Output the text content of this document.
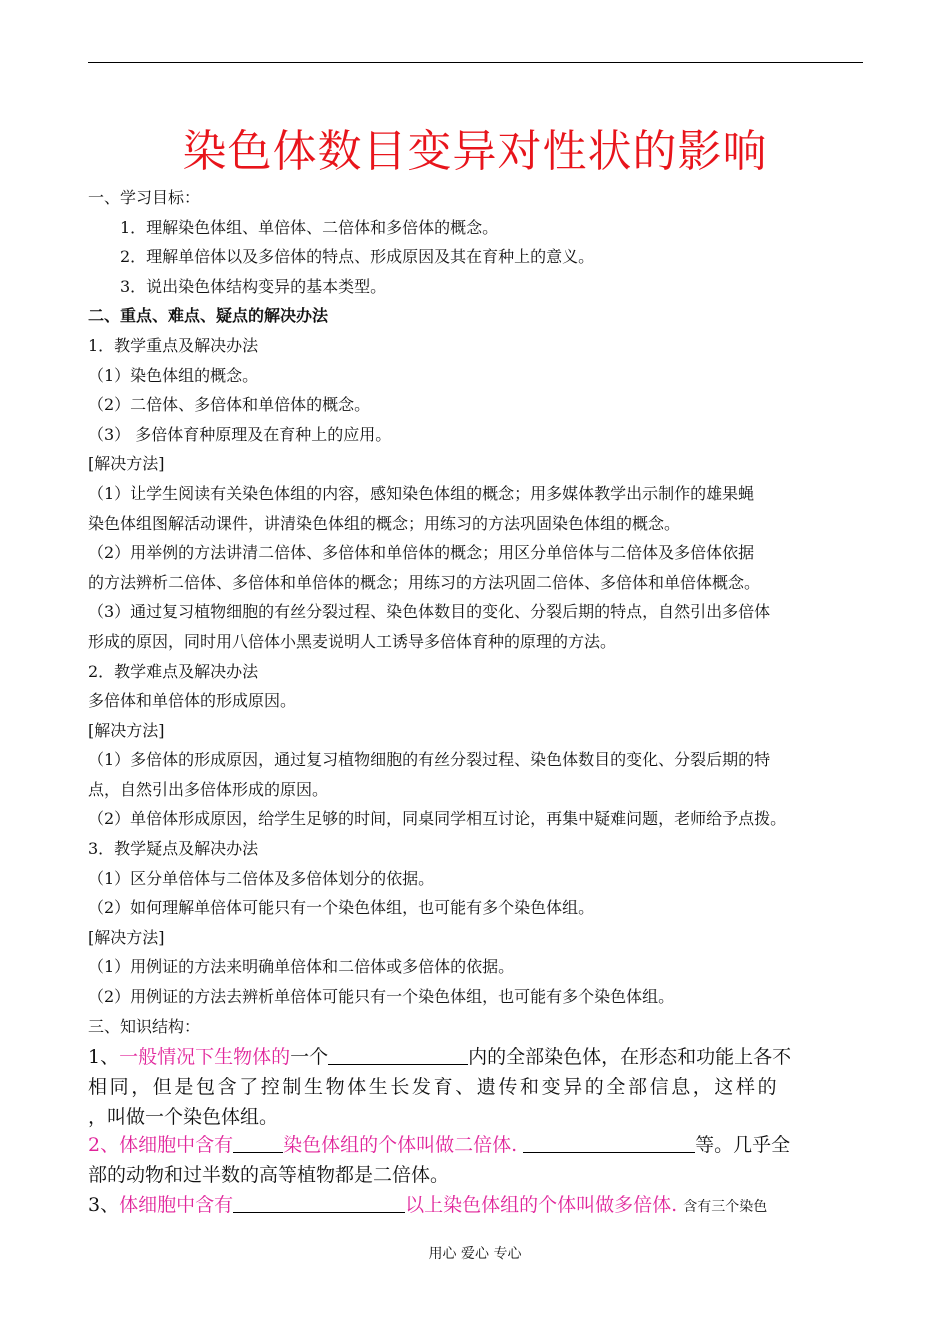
染色体数目变异对性状的影响
一、学习目标：
1．理解染色体组、单倍体、二倍体和多倍体的概念。
2．理解单倍体以及多倍体的特点、形成原因及其在育种上的意义。
3．说出染色体结构变异的基本类型。
二、重点、难点、疑点的解决办法
1．教学重点及解决办法
（1）染色体组的概念。
（2）二倍体、多倍体和单倍体的概念。
（3） 多倍体育种原理及在育种上的应用。
[解决方法]
（1）让学生阅读有关染色体组的内容，感知染色体组的概念；用多媒体教学出示制作的雄果蝇
染色体组图解活动课件，讲清染色体组的概念；用练习的方法巩固染色体组的概念。
（2）用举例的方法讲清二倍体、多倍体和单倍体的概念；用区分单倍体与二倍体及多倍体依据
的方法辨析二倍体、多倍体和单倍体的概念；用练习的方法巩固二倍体、多倍体和单倍体概念。
（3）通过复习植物细胞的有丝分裂过程、染色体数目的变化、分裂后期的特点，自然引出多倍体
形成的原因，同时用八倍体小黑麦说明人工诱导多倍体育种的原理的方法。
2．教学难点及解决办法
多倍体和单倍体的形成原因。
[解决方法]
（1）多倍体的形成原因，通过复习植物细胞的有丝分裂过程、染色体数目的变化、分裂后期的特
点，自然引出多倍体形成的原因。
（2）单倍体形成原因，给学生足够的时间，同桌同学相互讨论，再集中疑难问题，老师给予点拨。
3．教学疑点及解决办法
（1）区分单倍体与二倍体及多倍体划分的依据。
（2）如何理解单倍体可能只有一个染色体组，也可能有多个染色体组。
[解决方法]
（1）用例证的方法来明确单倍体和二倍体或多倍体的依据。
（2）用例证的方法去辨析单倍体可能只有一个染色体组，也可能有多个染色体组。
三、知识结构：
1、一般情况下生物体的一个	内的全部染色体，在形态和功能上各不
相同，但是包含了控制生物体生长发育、遗传和变异的全部信息，这样的
，叫做一个染色体组。
2、体细胞中含有	染色体组的个体叫做二倍体.	等。几乎全
部的动物和过半数的高等植物都是二倍体。
3、体细胞中含有	以上染色体组的个体叫做多倍体. 含有三个染色
用心 爱心 专心
